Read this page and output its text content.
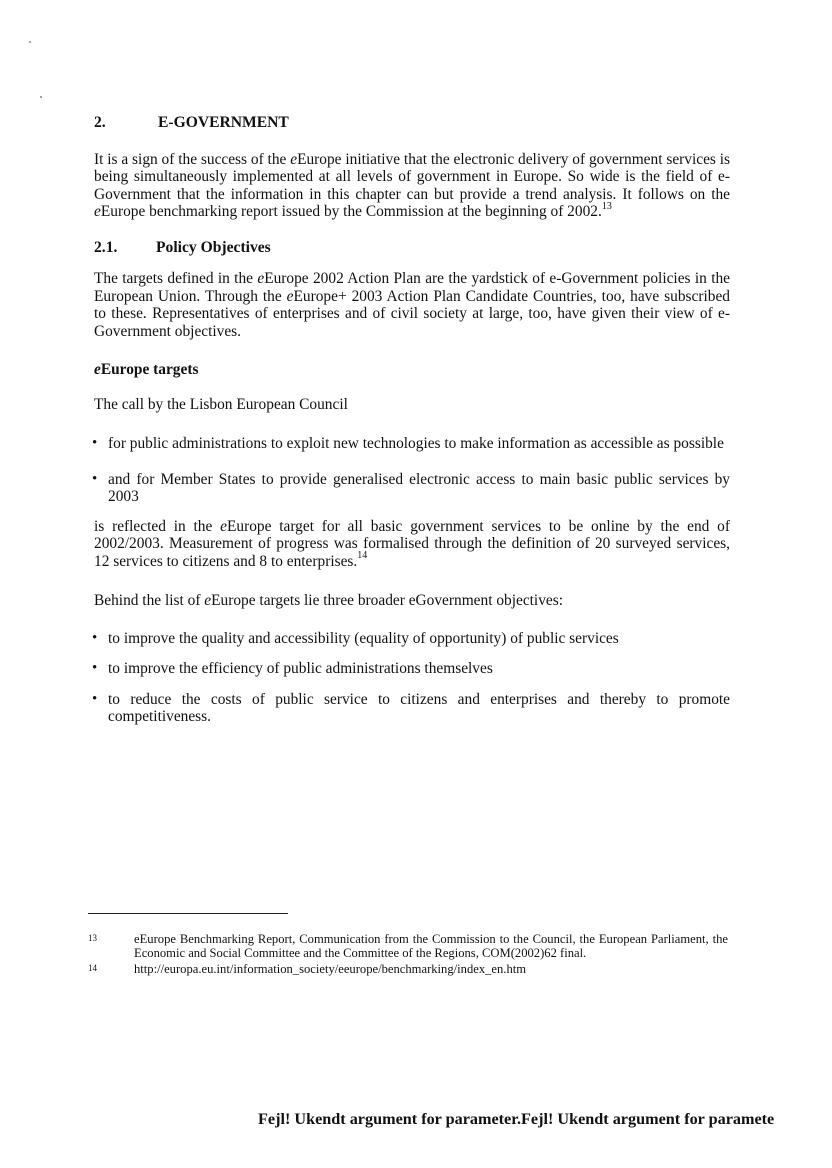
2.	E-GOVERNMENT

It is a sign of the success of the eEurope initiative that the electronic delivery of government services is being simultaneously implemented at all levels of government in Europe. So wide is the field of e-Government that the information in this chapter can but provide a trend analysis. It follows on the eEurope benchmarking report issued by the Commission at the beginning of 2002.13

2.1.	Policy Objectives

The targets defined in the eEurope 2002 Action Plan are the yardstick of e-Government policies in the European Union. Through the eEurope+ 2003 Action Plan Candidate Countries, too, have subscribed to these. Representatives of enterprises and of civil society at large, too, have given their view of e-Government objectives.

eEurope targets

The call by the Lisbon European Council

• for public administrations to exploit new technologies to make information as accessible as possible
• and for Member States to provide generalised electronic access to main basic public services by 2003

is reflected in the eEurope target for all basic government services to be online by the end of 2002/2003. Measurement of progress was formalised through the definition of 20 surveyed services, 12 services to citizens and 8 to enterprises.$^{14}$

Behind the list of eEurope targets lie three broader eGovernment objectives:

• to improve the quality and accessibility (equality of opportunity) of public services
• to improve the efficiency of public administrations themselves
• to reduce the costs of public service to citizens and enterprises and thereby to promote competitiveness.
13	eEurope Benchmarking Report, Communication from the Commission to the Council, the European Parliament, the Economic and Social Committee and the Committee of the Regions, COM(2002)62 final.
14	http://europa.eu.int/information_society/eeurope/benchmarking/index_en.htm
Fejl! Ukendt argument for parameter.Fejl! Ukendt argument for paramete
